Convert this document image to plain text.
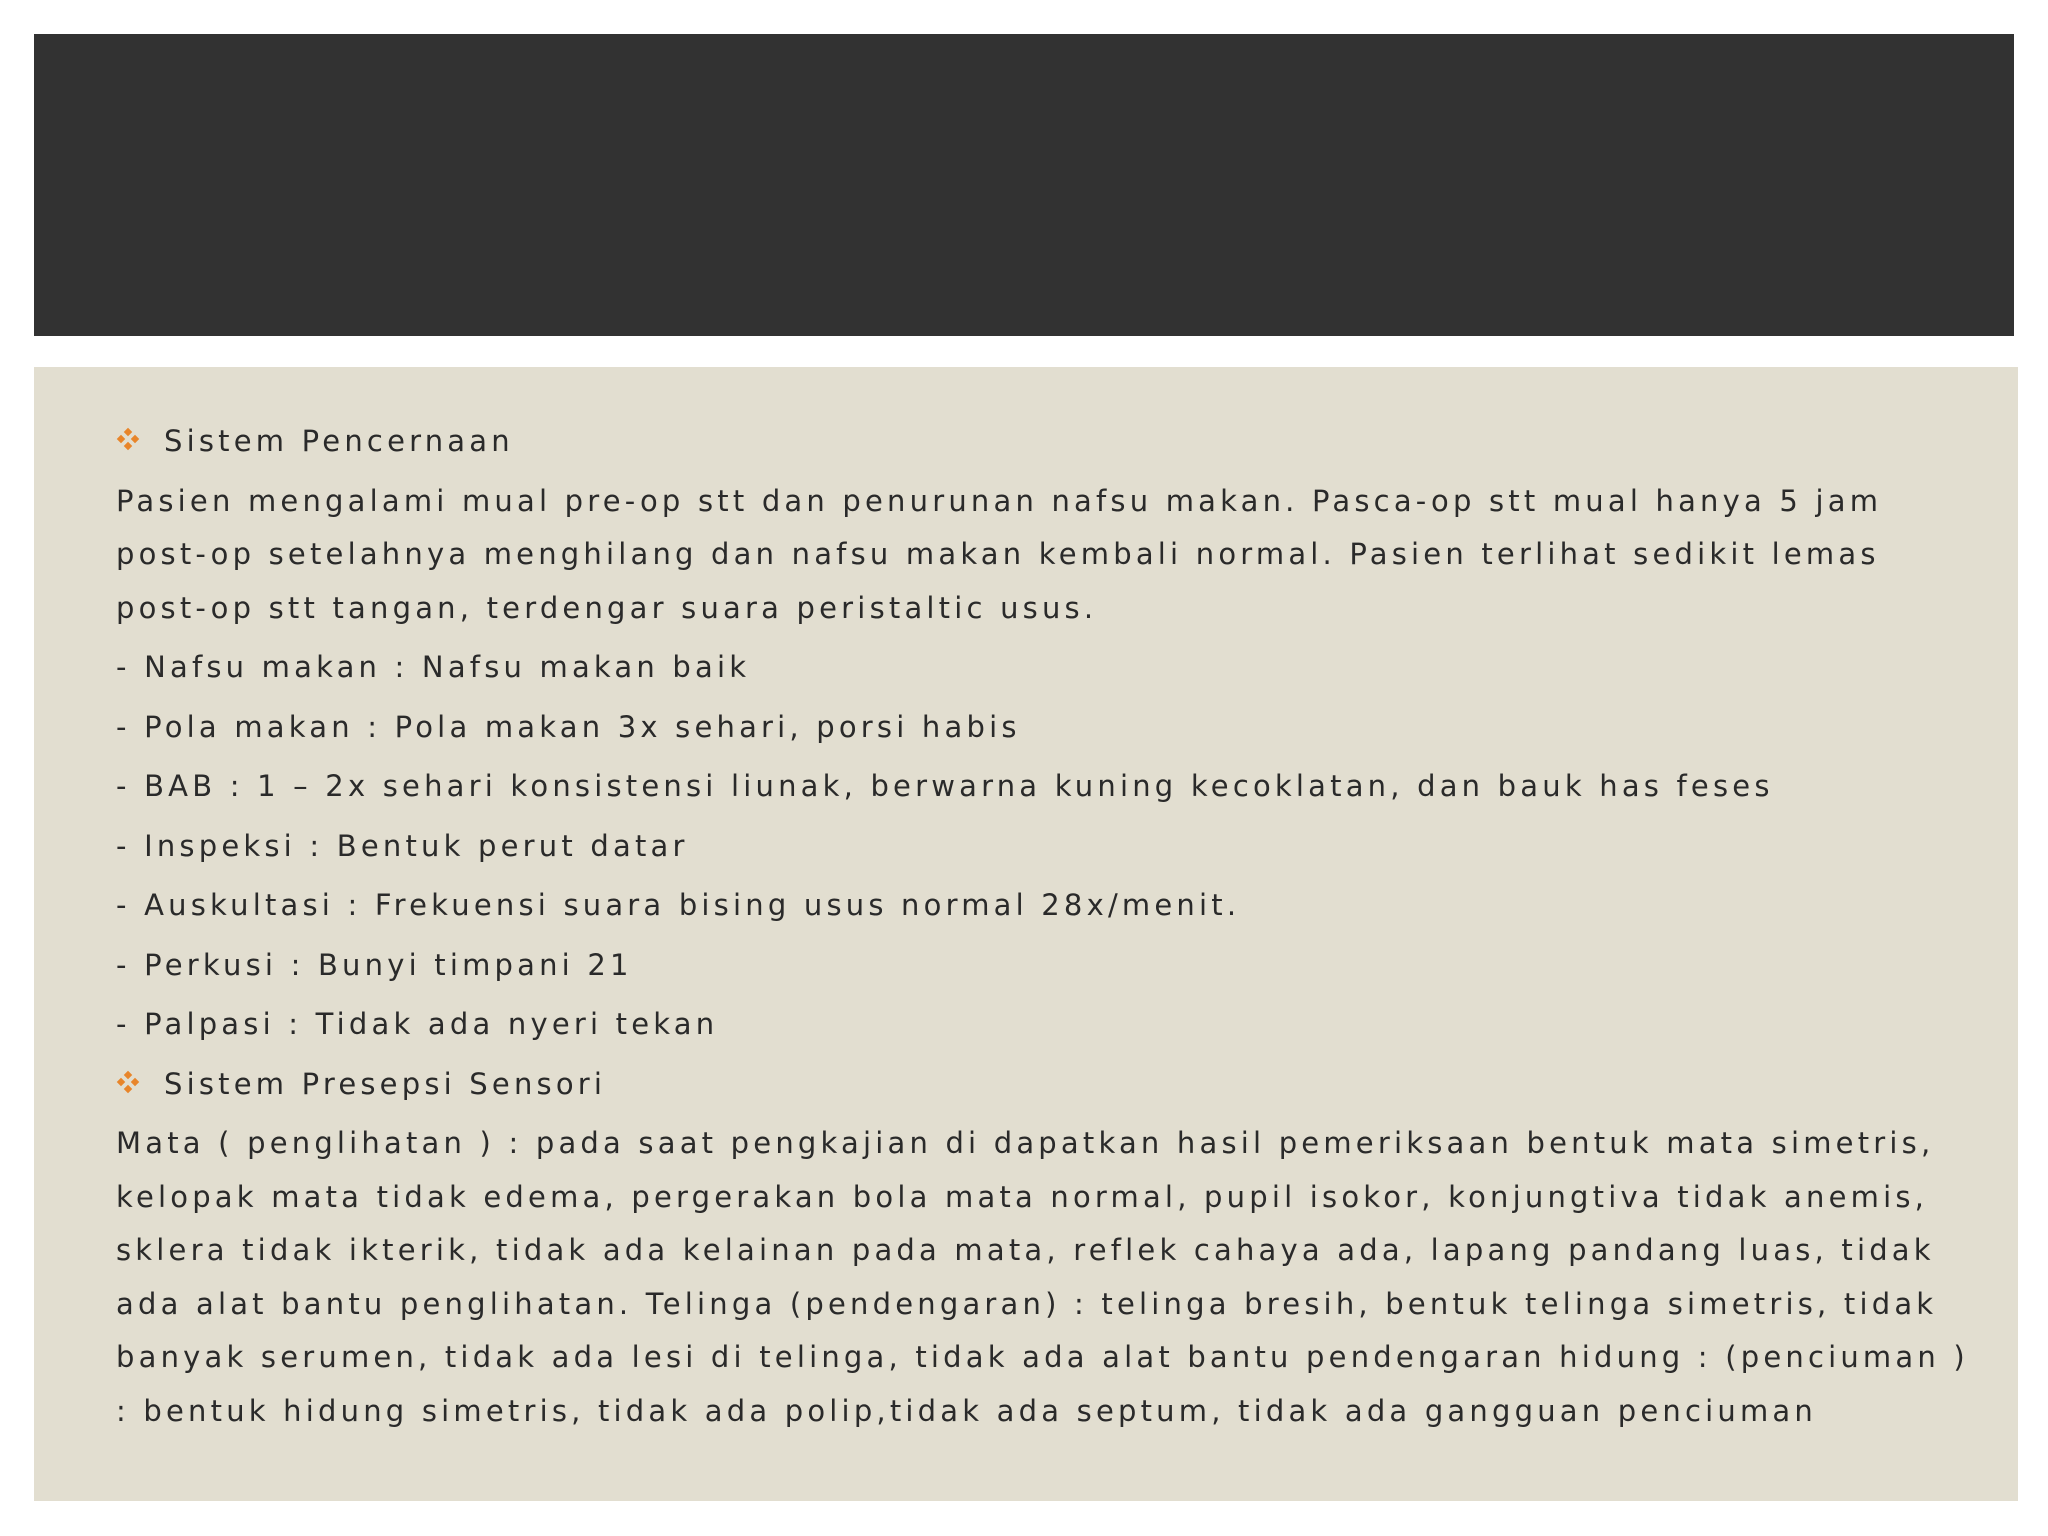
Sistem Pencernaan

Pasien mengalami mual pre-op stt dan penurunan nafsu makan. Pasca-op stt mual hanya 5 jam post-op setelahnya menghilang dan nafsu makan kembali normal. Pasien terlihat sedikit lemas post-op stt tangan, terdengar suara peristaltic usus.

- Nafsu makan : Nafsu makan baik

- Pola makan : Pola makan 3x sehari, porsi habis

- BAB : 1 – 2x sehari konsistensi liunak, berwarna kuning kecoklatan, dan bauk has feses

- Inspeksi : Bentuk perut datar

- Auskultasi : Frekuensi suara bising usus normal 28x/menit.

- Perkusi : Bunyi timpani 21

- Palpasi : Tidak ada nyeri tekan

Sistem Presepsi Sensori

Mata ( penglihatan ) : pada saat pengkajian di dapatkan hasil pemeriksaan bentuk mata simetris, kelopak mata tidak edema, pergerakan bola mata normal, pupil isokor, konjungtiva tidak anemis, sklera tidak ikterik, tidak ada kelainan pada mata, reflek cahaya ada, lapang pandang luas, tidak ada alat bantu penglihatan. Telinga (pendengaran) : telinga bresih, bentuk telinga simetris, tidak banyak serumen, tidak ada lesi di telinga, tidak ada alat bantu pendengaran hidung : (penciuman ) : bentuk hidung simetris, tidak ada polip,tidak ada septum, tidak ada gangguan penciuman
